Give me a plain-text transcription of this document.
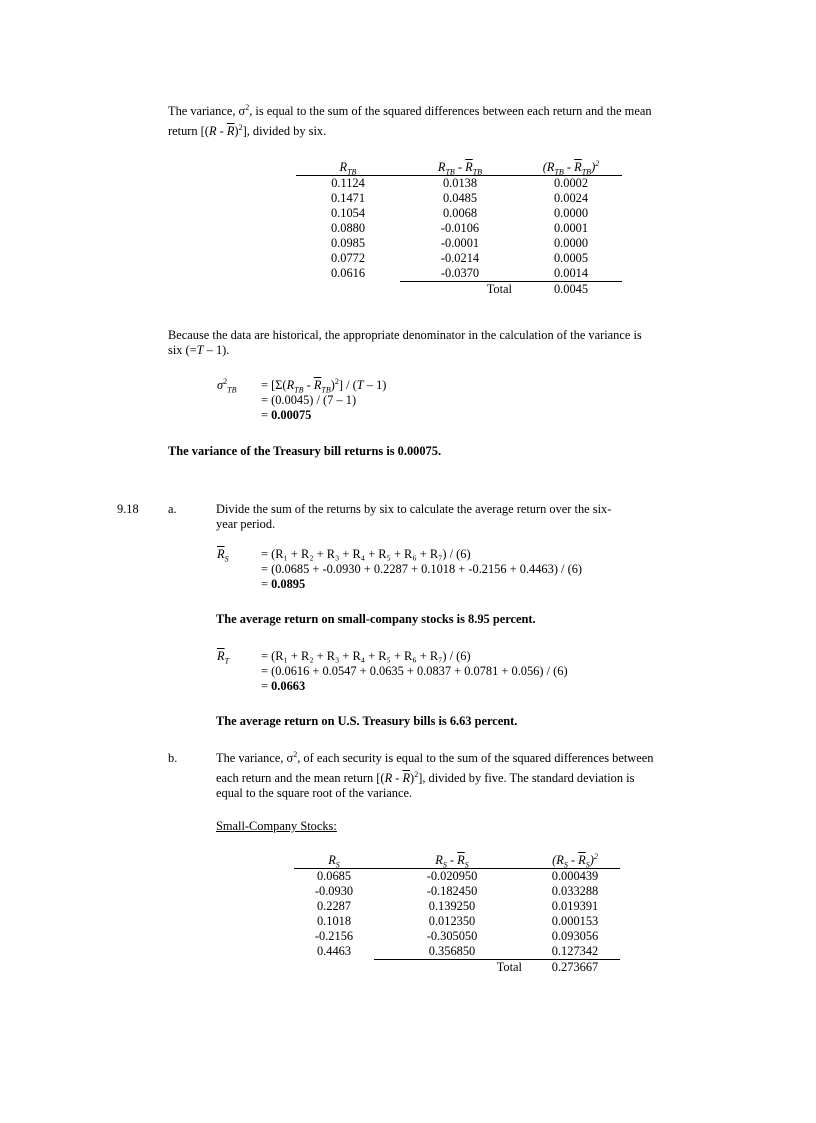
The variance, $\sigma^2$, is equal to the sum of the squared differences between each return and the mean
return $[(R - \overline{R})^2]$, divided by six.
$R_{TB}$	$R_{TB} - \overline{R}_{TB}$	$(R_{TB} - \overline{R}_{TB})^2$
0.1124	0.0138	0.0002
0.1471	0.0485	0.0024
0.1054	0.0068	0.0000
0.0880	-0.0106	0.0001
0.0985	-0.0001	0.0000
0.0772	-0.0214	0.0005
0.0616	-0.0370	0.0014
	Total	0.0045
Because the data are historical, the appropriate denominator in the calculation of the variance is
six (=T – 1).
$\sigma^2_{TB} = [\Sigma(R_{TB} - \overline{R}_{TB})^2] / (T - 1)$
= (0.0045) / (7 – 1)
= 0.00075
The variance of the Treasury bill returns is 0.00075.
9.18 a.	Divide the sum of the returns by six to calculate the average return over the six-
year period.
$\overline{R}_S$	= (R₁ + R₂ + R₃ + R₄ + R₅ + R₆ + R₇) / (6)
= (0.0685 + -0.0930 + 0.2287 + 0.1018 + -0.2156 + 0.4463) / (6)
= 0.0895
The average return on small-company stocks is 8.95 percent.
$\overline{R}_T$	= (R₁ + R₂ + R₃ + R₄ + R₅ + R₆ + R₇) / (6)
= (0.0616 + 0.0547 + 0.0635 + 0.0837 + 0.0781 + 0.056) / (6)
= 0.0663
The average return on U.S. Treasury bills is 6.63 percent.
b.	The variance, $\sigma^2$, of each security is equal to the sum of the squared differences between
each return and the mean return $[(R - \overline{R})^2]$, divided by five. The standard deviation is
equal to the square root of the variance.
Small-Company Stocks:
$R_S$	$R_S - \overline{R}_S$	$(R_S - \overline{R}_S)^2$
0.0685	-0.020950	0.000439
-0.0930	-0.182450	0.033288
0.2287	0.139250	0.019391
0.1018	0.012350	0.000153
-0.2156	-0.305050	0.093056
0.4463	0.356850	0.127342
	Total	0.273667
